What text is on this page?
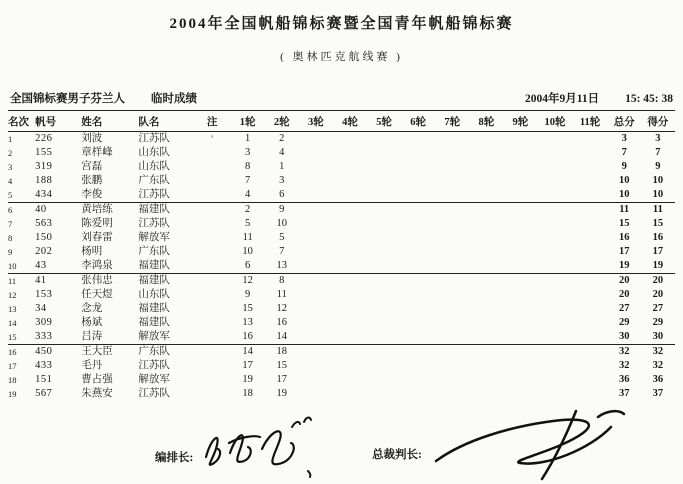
2004年全国帆船锦标赛暨全国青年帆船锦标赛
( 奥林匹克航线赛 )
全国锦标赛男子芬兰人 临时成绩	2004年9月11日 15: 45: 38
名次	帆号	姓名	队名	注	1轮	2轮	3轮	4轮	5轮	6轮	7轮	8轮	9轮	10轮	11轮	总分	得分
1	226	刘波	江苏队	'	1	2										3	3
2	155	章样峰	山东队		3	4										7	7
3	319	宫磊	山东队		8	1										9	9
4	188	张鹏	广东队		7	3										10	10
5	434	李俊	江苏队		4	6										10	10
6	40	黄培练	福建队		2	9										11	11
7	563	陈爱明	江苏队		5	10										15	15
8	150	刘春雷	解放军		11	5										16	16
9	202	杨明	广东队		10	7										17	17
10	43	李鸿泉	福建队		6	13										19	19
11	41	张伟忠	福建队		12	8										20	20
12	153	任天煜	山东队		9	11										20	20
13	34	念龙	福建队		15	12										27	27
14	309	杨斌	福建队		13	16										29	29
15	333	吕涛	解放军		16	14										30	30
16	450	王大臣	广东队		14	18										32	32
17	433	毛丹	江苏队		17	15										32	32
18	151	曹占强	解放军		19	17										36	36
19	567	朱燕安	江苏队		18	19										37	37
编排长:	总裁判长:
